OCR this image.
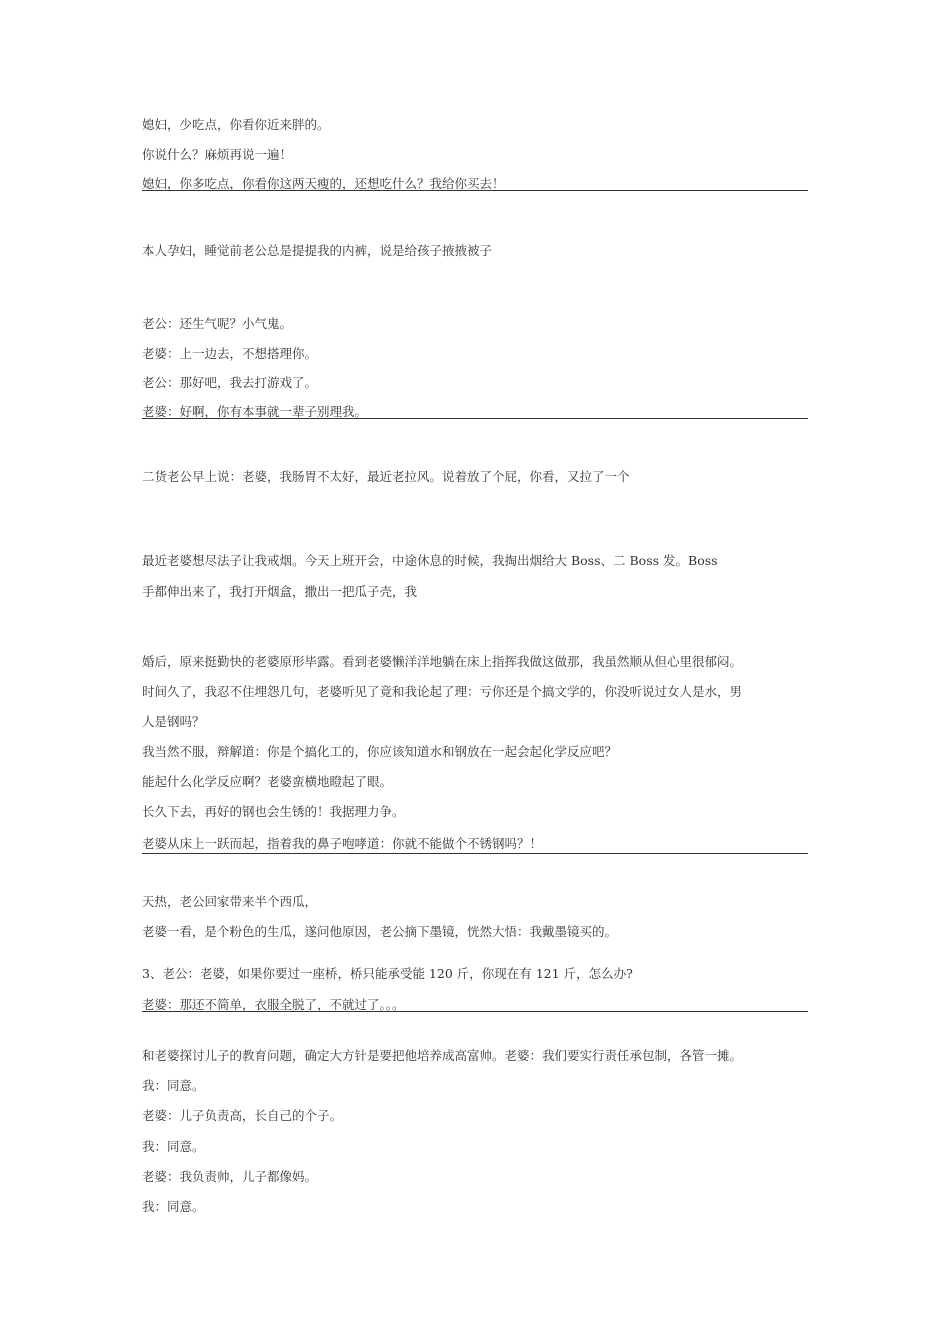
媳妇，少吃点，你看你近来胖的。
你说什么？麻烦再说一遍！
媳妇，你多吃点，你看你这两天瘦的，还想吃什么？我给你买去！
本人孕妇，睡觉前老公总是提提我的内裤，说是给孩子掖掖被子
老公：还生气呢？小气鬼。
老婆：上一边去，不想搭理你。
老公：那好吧，我去打游戏了。
老婆：好啊，你有本事就一辈子别理我。
二货老公早上说：老婆，我肠胃不太好，最近老拉风。说着放了个屁，你看，又拉了一个
最近老婆想尽法子让我戒烟。今天上班开会，中途休息的时候，我掏出烟给大 Boss、二 Boss 发。Boss
手都伸出来了，我打开烟盒，撒出一把瓜子壳，我
婚后，原来挺勤快的老婆原形毕露。看到老婆懒洋洋地躺在床上指挥我做这做那，我虽然顺从但心里很郁闷。
时间久了，我忍不住埋怨几句，老婆听见了竟和我论起了理：亏你还是个搞文学的，你没听说过女人是水，男
人是钢吗？
我当然不服，辩解道：你是个搞化工的，你应该知道水和钢放在一起会起化学反应吧？
能起什么化学反应啊？老婆蛮横地瞪起了眼。
长久下去，再好的钢也会生锈的！我据理力争。
老婆从床上一跃而起，指着我的鼻子咆哮道：你就不能做个不锈钢吗？！
天热，老公回家带来半个西瓜，
老婆一看，是个粉色的生瓜，遂问他原因，老公摘下墨镜，恍然大悟：我戴墨镜买的。
3、老公：老婆，如果你要过一座桥，桥只能承受能 120 斤，你现在有 121 斤，怎么办?
老婆：那还不简单，衣服全脱了，不就过了。。。
和老婆探讨儿子的教育问题，确定大方针是要把他培养成高富帅。老婆：我们要实行责任承包制，各管一摊。
我：同意。
老婆：儿子负责高，长自己的个子。
我：同意。
老婆：我负责帅，儿子都像妈。
我：同意。
